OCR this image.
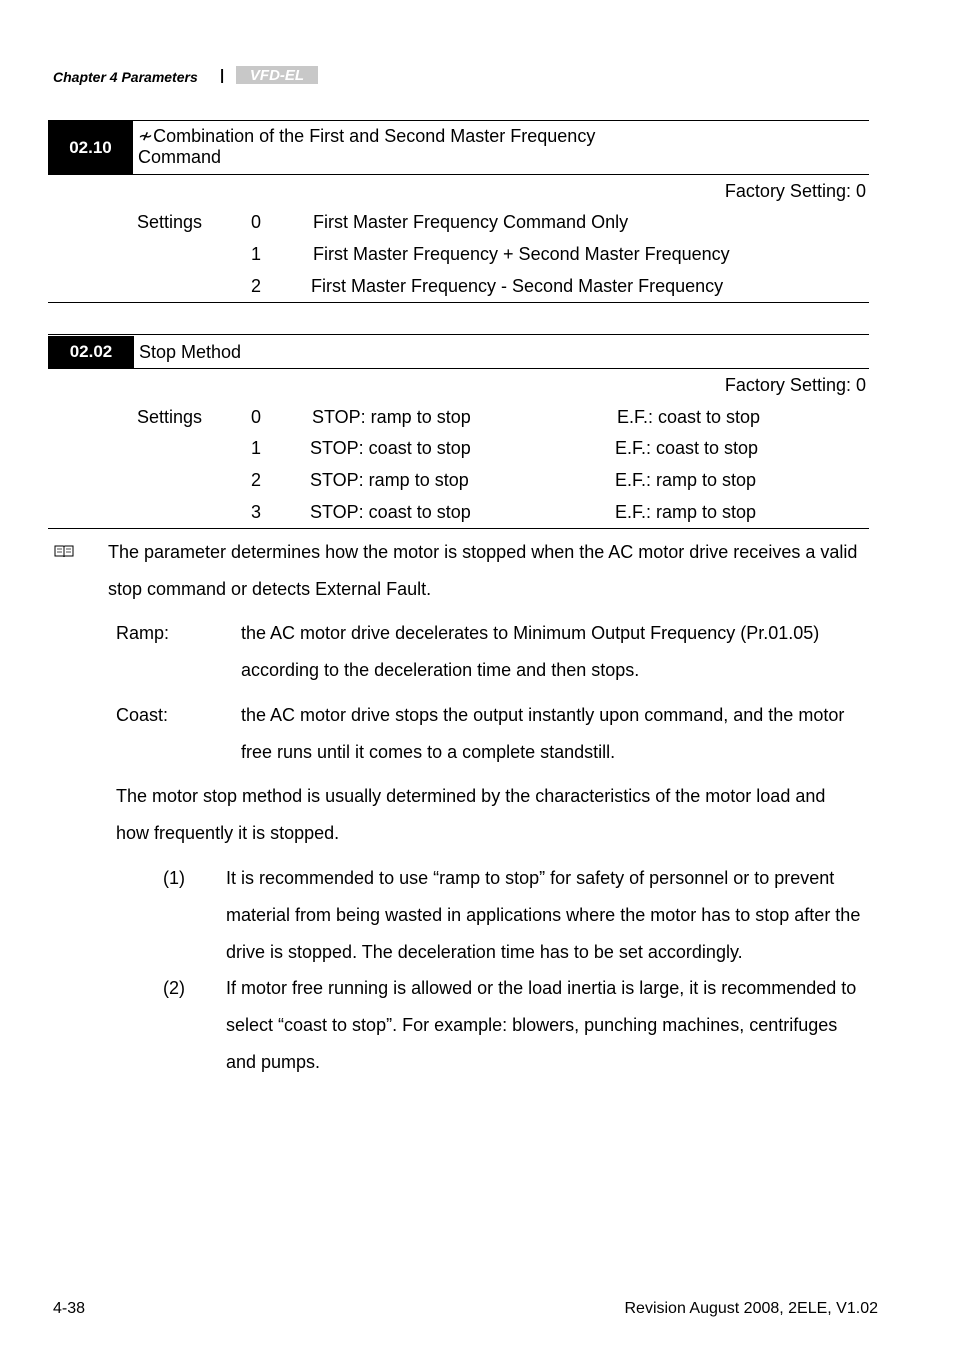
Chapter 4 Parameters | VFD-EL
02.10
≁Combination of the First and Second Master Frequency
Command
Factory Setting: 0
Settings	0	First Master Frequency Command Only
1	First Master Frequency + Second Master Frequency
2	First Master Frequency - Second Master Frequency
02.02	Stop Method
Factory Setting: 0
Settings	0	STOP: ramp to stop	E.F.: coast to stop
1	STOP: coast to stop	E.F.: coast to stop
2	STOP: ramp to stop	E.F.: ramp to stop
3	STOP: coast to stop	E.F.: ramp to stop
The parameter determines how the motor is stopped when the AC motor drive receives a valid
stop command or detects External Fault.
Ramp:	the AC motor drive decelerates to Minimum Output Frequency (Pr.01.05)
according to the deceleration time and then stops.
Coast:	the AC motor drive stops the output instantly upon command, and the motor
free runs until it comes to a complete standstill.
The motor stop method is usually determined by the characteristics of the motor load and
how frequently it is stopped.
(1) It is recommended to use “ramp to stop” for safety of personnel or to prevent
material from being wasted in applications where the motor has to stop after the
drive is stopped. The deceleration time has to be set accordingly.
(2) If motor free running is allowed or the load inertia is large, it is recommended to
select “coast to stop”. For example: blowers, punching machines, centrifuges
and pumps.
4-38	Revision August 2008, 2ELE, V1.02
